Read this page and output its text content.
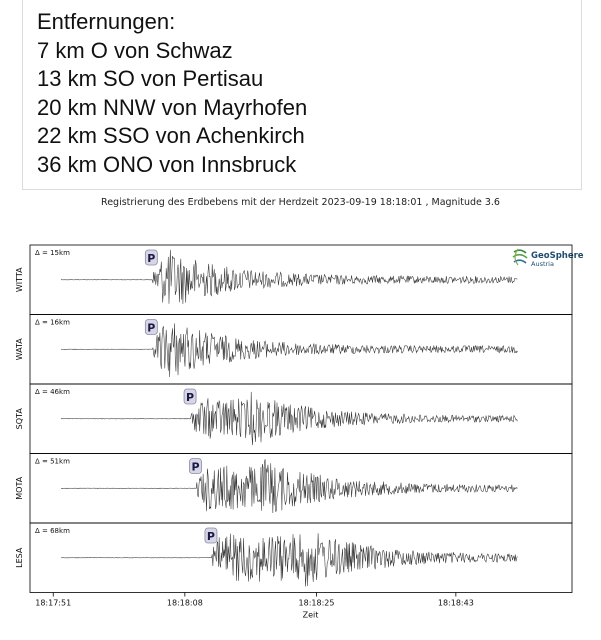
Entfernungen:
7 km O von Schwaz
13 km SO von Pertisau
20 km NNW von Mayrhofen
22 km SSO von Achenkirch
36 km ONO von Innsbruck
Registrierung des Erdbebens mit der Herdzeit 2023-09-19 18:18:01 , Magnitude 3.6
GeoSphere
Austria
WITTA
Δ = 15km	P
WATA
Δ = 16km	P
SQTA
Δ = 46km	P
MOTA
Δ = 51km	P
LESA
Δ = 68km	P
18:17:51	18:18:08	18:18:25	18:18:43
Zeit
